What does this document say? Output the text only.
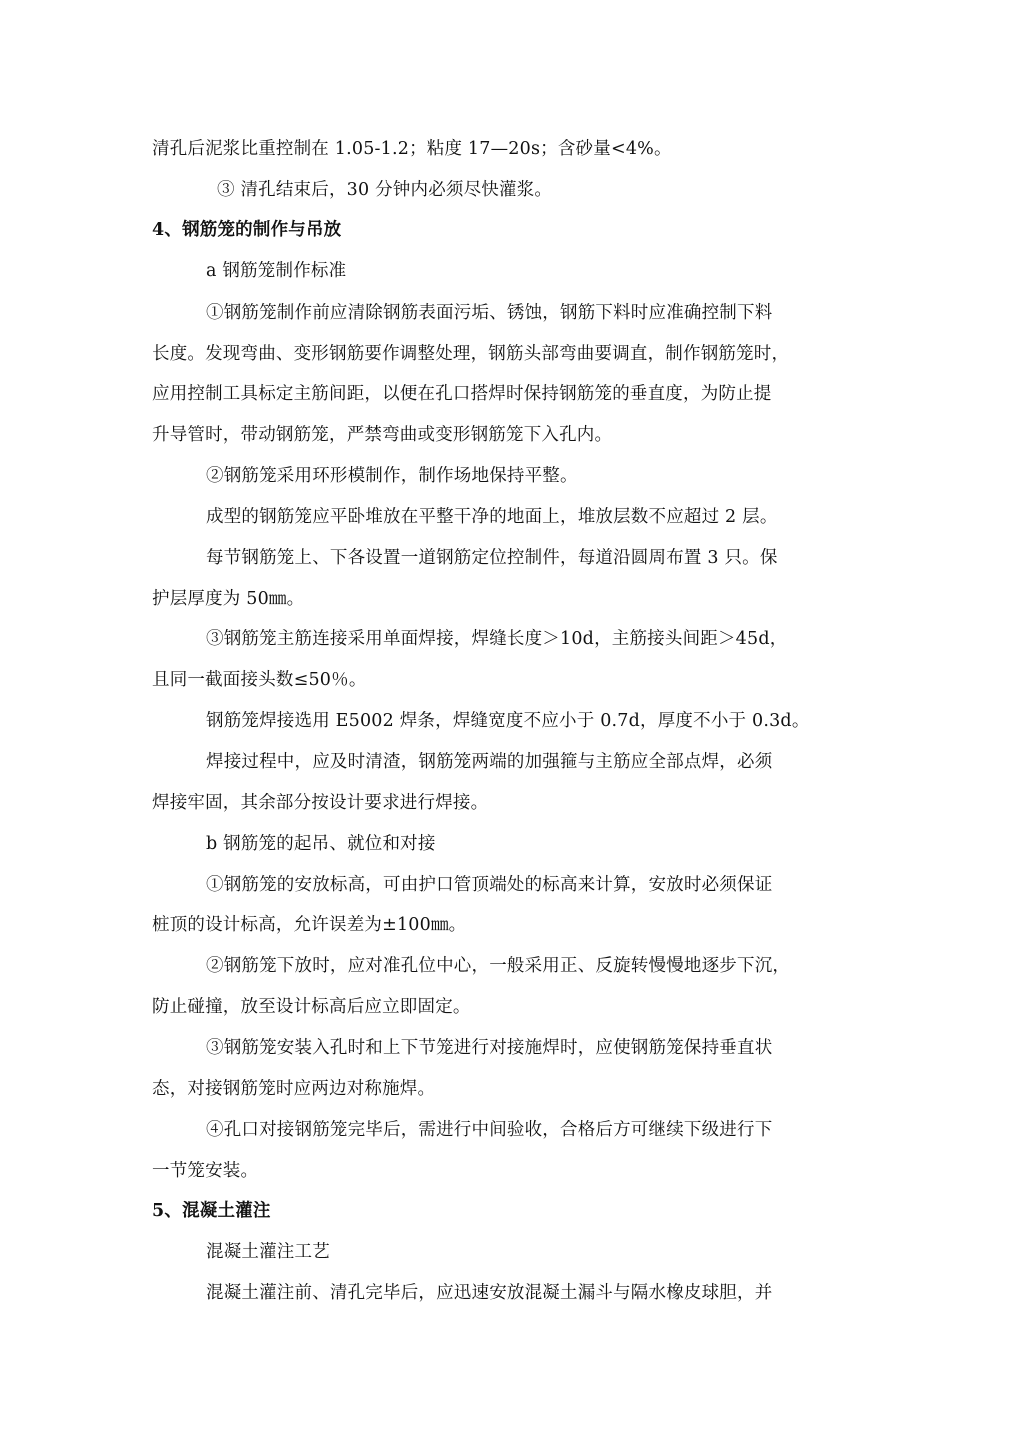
清孔后泥浆比重控制在 1.05-1.2；粘度 17—20s；含砂量<4%。
③ 清孔结束后，30 分钟内必须尽快灌浆。
4、钢筋笼的制作与吊放
a 钢筋笼制作标准
①钢筋笼制作前应清除钢筋表面污垢、锈蚀，钢筋下料时应准确控制下料
长度。发现弯曲、变形钢筋要作调整处理，钢筋头部弯曲要调直，制作钢筋笼时，
应用控制工具标定主筋间距，以便在孔口搭焊时保持钢筋笼的垂直度，为防止提
升导管时，带动钢筋笼，严禁弯曲或变形钢筋笼下入孔内。
②钢筋笼采用环形模制作，制作场地保持平整。
成型的钢筋笼应平卧堆放在平整干净的地面上，堆放层数不应超过 2 层。
每节钢筋笼上、下各设置一道钢筋定位控制件，每道沿圆周布置 3 只。保
护层厚度为 50㎜。
③钢筋笼主筋连接采用单面焊接，焊缝长度＞10d，主筋接头间距＞45d，
且同一截面接头数≤50％。
钢筋笼焊接选用 E5002 焊条，焊缝宽度不应小于 0.7d，厚度不小于 0.3d。
焊接过程中，应及时清渣，钢筋笼两端的加强箍与主筋应全部点焊，必须
焊接牢固，其余部分按设计要求进行焊接。
b 钢筋笼的起吊、就位和对接
①钢筋笼的安放标高，可由护口管顶端处的标高来计算，安放时必须保证
桩顶的设计标高，允许误差为±100㎜。
②钢筋笼下放时，应对准孔位中心，一般采用正、反旋转慢慢地逐步下沉，
防止碰撞，放至设计标高后应立即固定。
③钢筋笼安装入孔时和上下节笼进行对接施焊时，应使钢筋笼保持垂直状
态，对接钢筋笼时应两边对称施焊。
④孔口对接钢筋笼完毕后，需进行中间验收，合格后方可继续下级进行下
一节笼安装。
5、混凝土灌注
混凝土灌注工艺
混凝土灌注前、清孔完毕后，应迅速安放混凝土漏斗与隔水橡皮球胆，并
